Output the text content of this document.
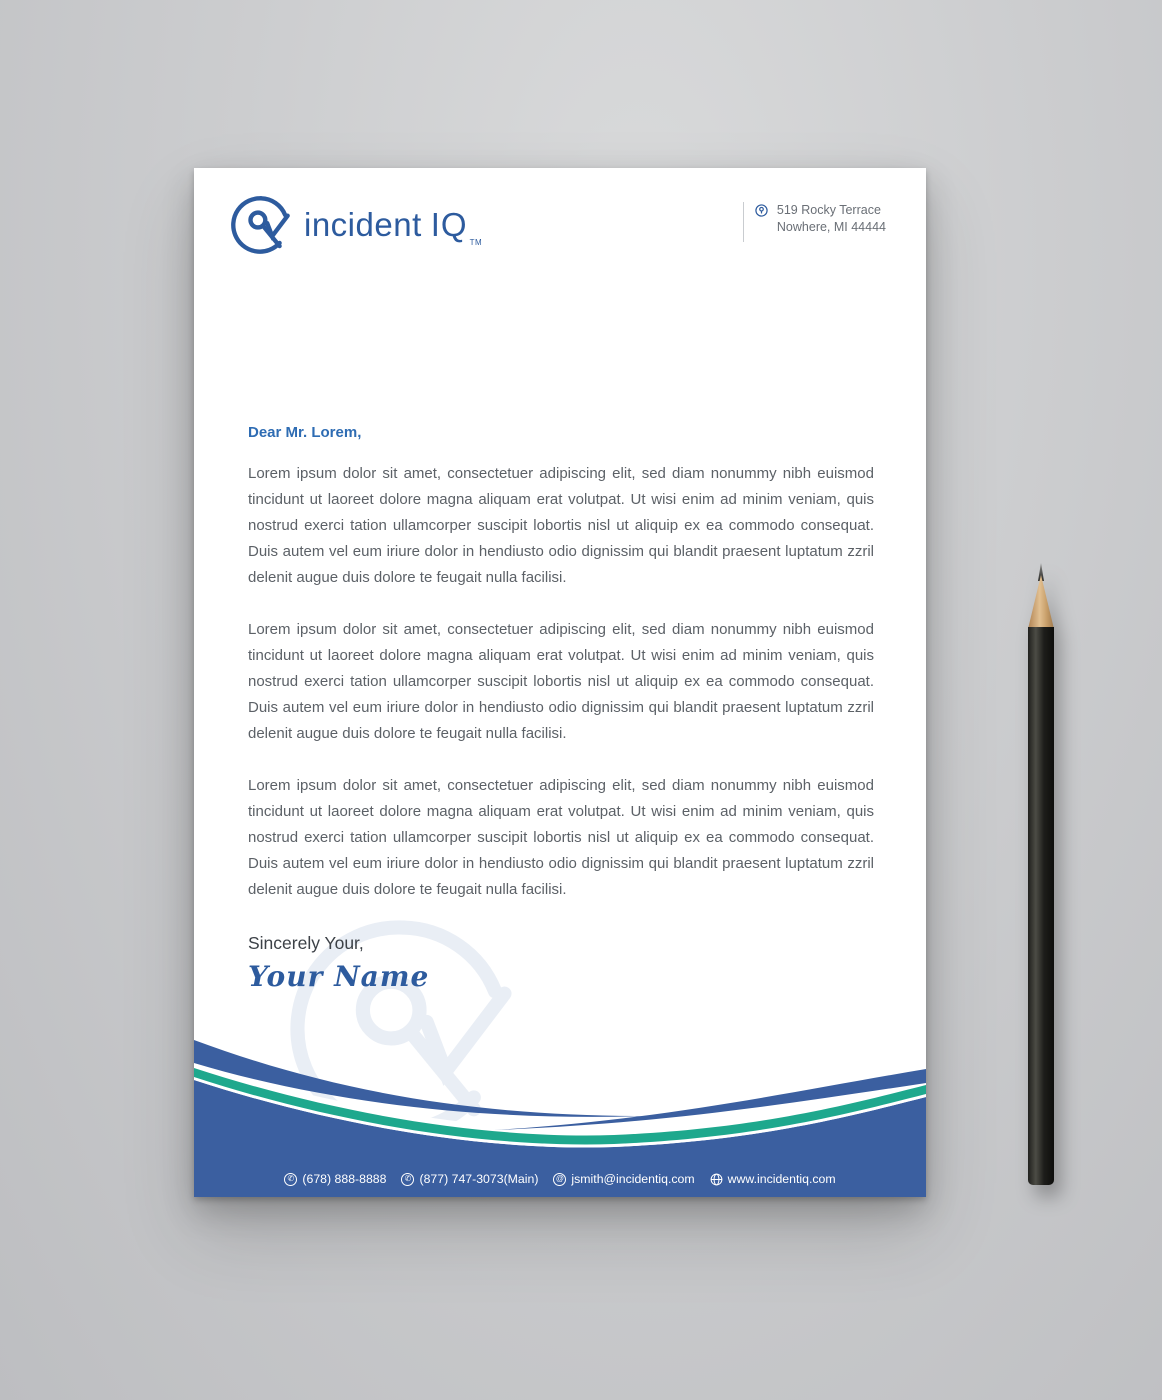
incident IQ TM
519 Rocky Terrace
Nowhere, MI 44444
Dear Mr. Lorem,

Lorem ipsum dolor sit amet, consectetuer adipiscing elit, sed diam nonummy nibh euismod tincidunt ut laoreet dolore magna aliquam erat volutpat. Ut wisi enim ad minim veniam, quis nostrud exerci tation ullamcorper suscipit lobortis nisl ut aliquip ex ea commodo consequat. Duis autem vel eum iriure dolor in hendiusto odio dignissim qui blandit praesent luptatum zzril delenit augue duis dolore te feugait nulla facilisi.

Lorem ipsum dolor sit amet, consectetuer adipiscing elit, sed diam nonummy nibh euismod tincidunt ut laoreet dolore magna aliquam erat volutpat. Ut wisi enim ad minim veniam, quis nostrud exerci tation ullamcorper suscipit lobortis nisl ut aliquip ex ea commodo consequat. Duis autem vel eum iriure dolor in hendiusto odio dignissim qui blandit praesent luptatum zzril delenit augue duis dolore te feugait nulla facilisi.

Lorem ipsum dolor sit amet, consectetuer adipiscing elit, sed diam nonummy nibh euismod tincidunt ut laoreet dolore magna aliquam erat volutpat. Ut wisi enim ad minim veniam, quis nostrud exerci tation ullamcorper suscipit lobortis nisl ut aliquip ex ea commodo consequat. Duis autem vel eum iriure dolor in hendiusto odio dignissim qui blandit praesent luptatum zzril delenit augue duis dolore te feugait nulla facilisi.

Sincerely Your,
Your Name
✆ (678) 888-8888	✆ (877) 747-3073(Main)	@ jsmith@incidentiq.com	www.incidentiq.com
